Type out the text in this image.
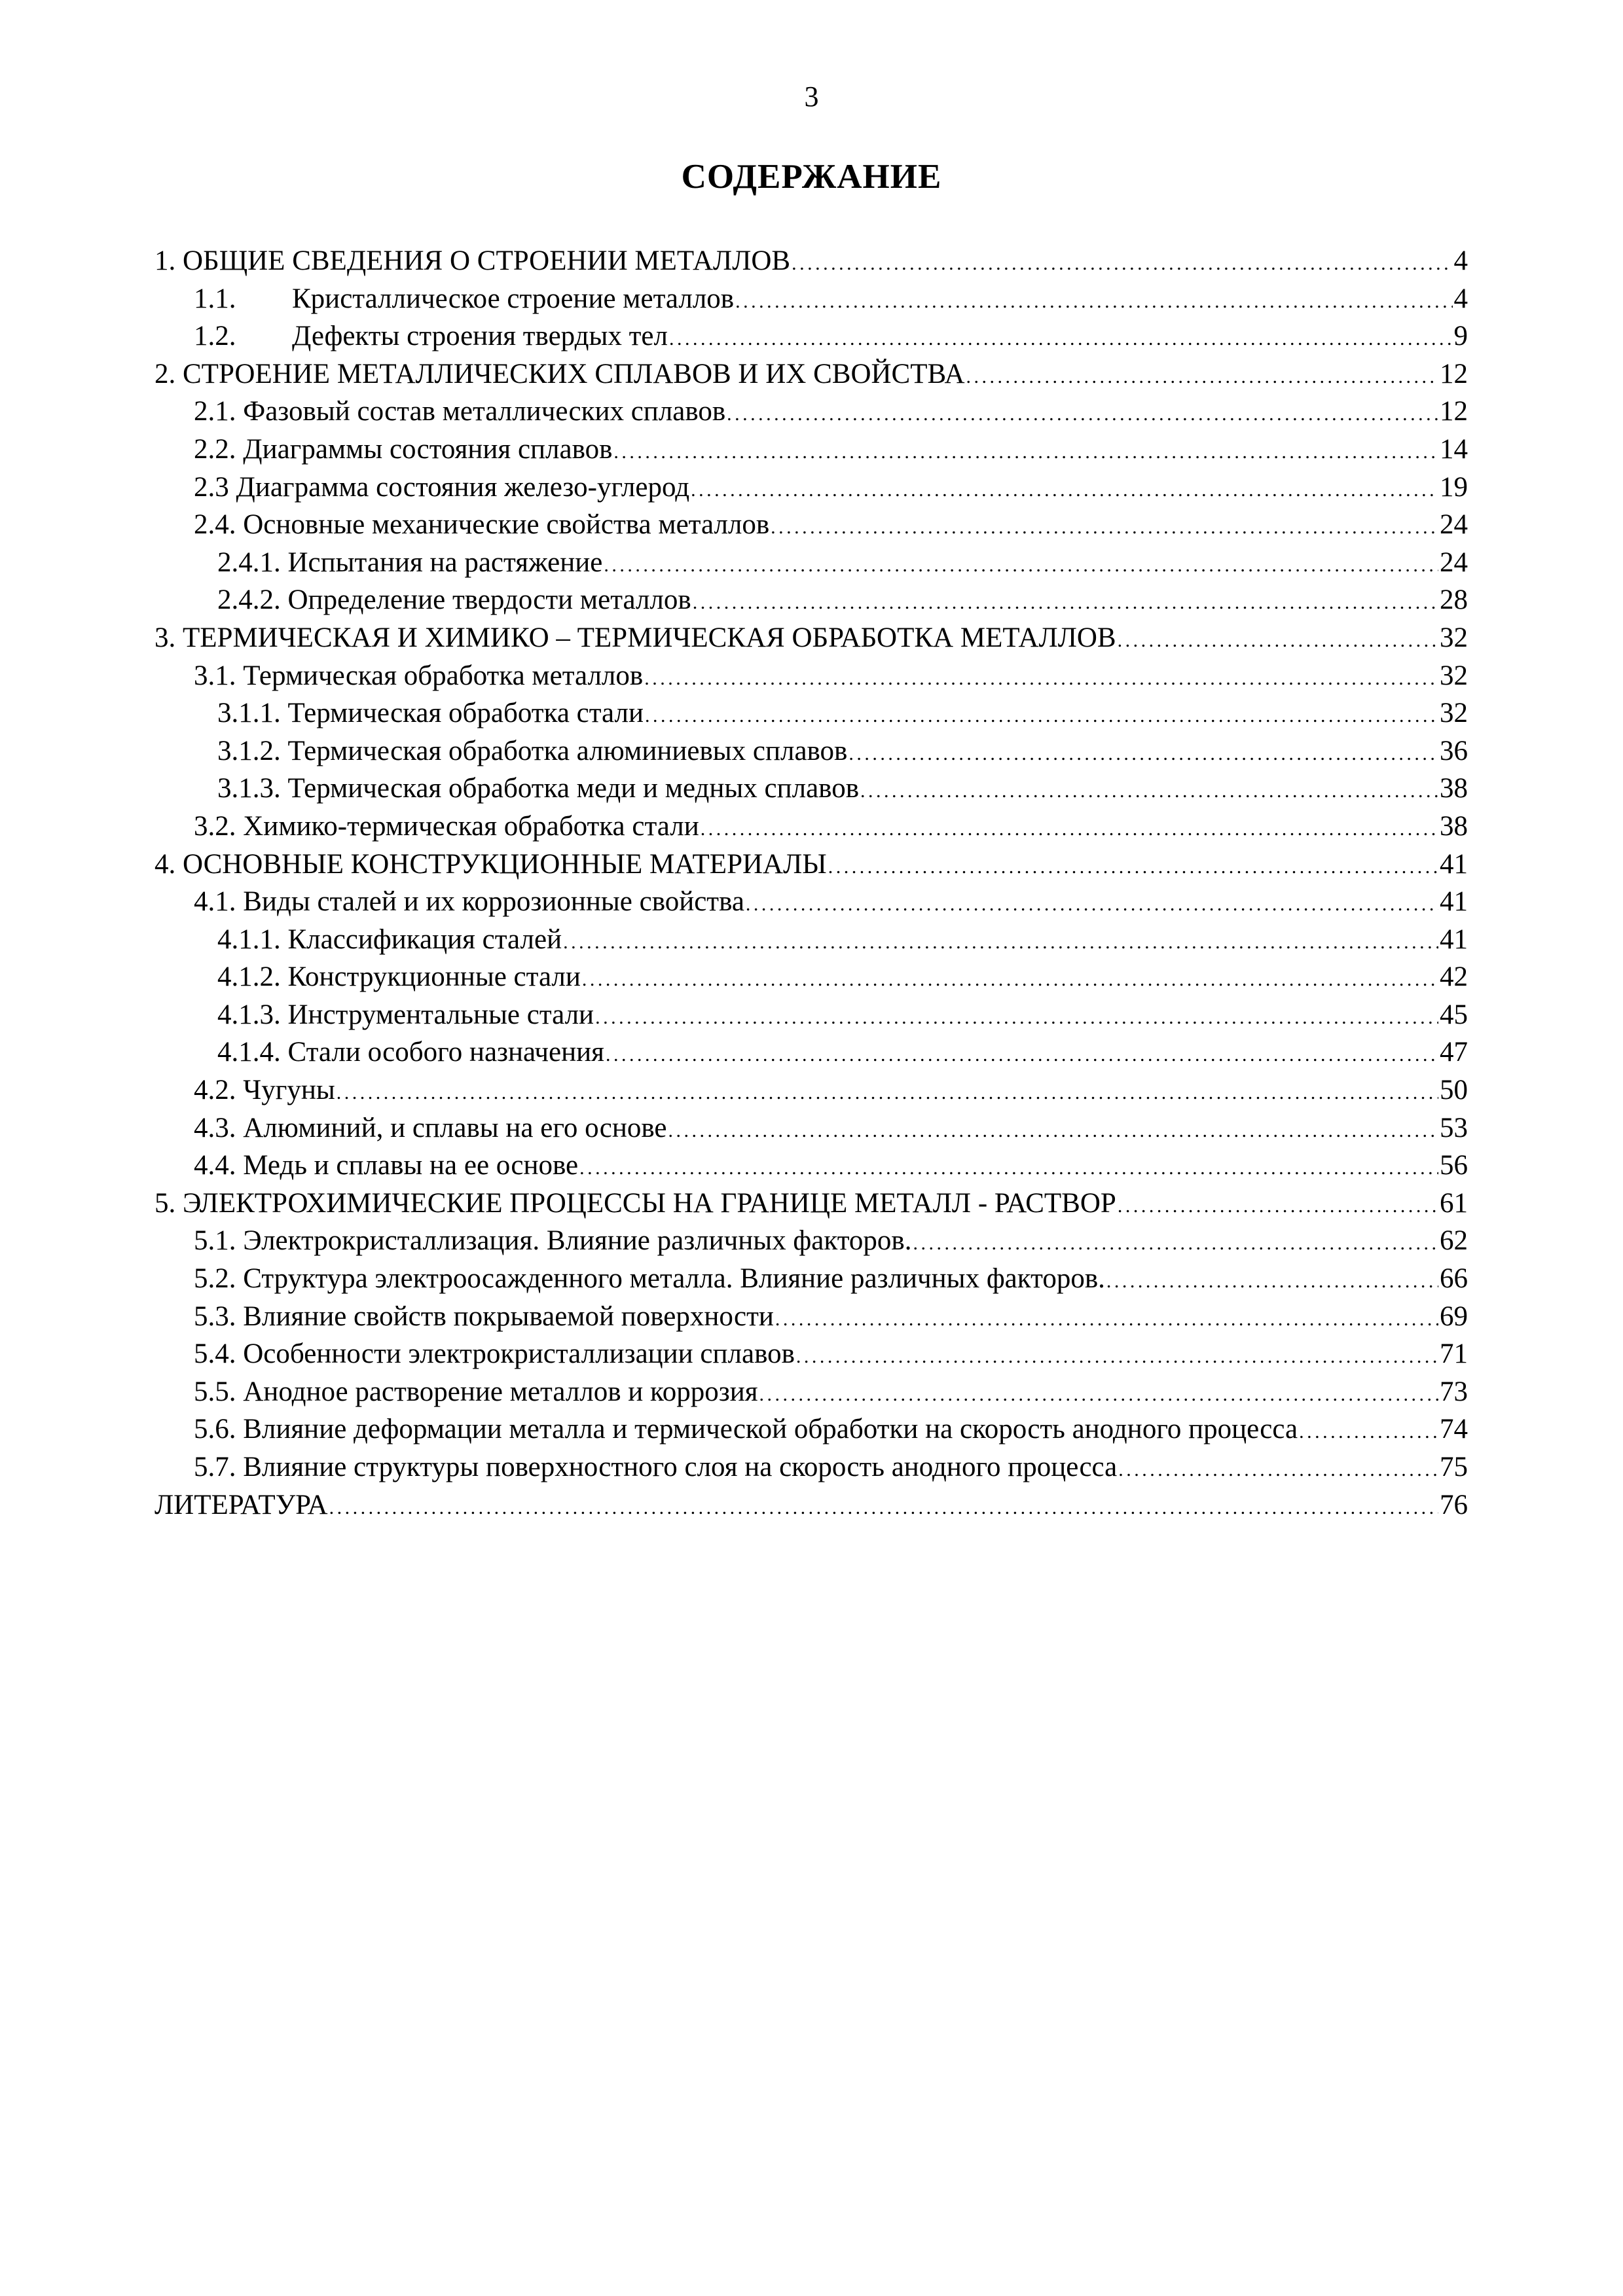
3
СОДЕРЖАНИЕ
1. ОБЩИЕ СВЕДЕНИЯ О СТРОЕНИИ МЕТАЛЛОВ . . .	4
1.1. Кристаллическое строение металлов . . .	4
1.2. Дефекты строения твердых тел . . .	9
2. СТРОЕНИЕ МЕТАЛЛИЧЕСКИХ СПЛАВОВ И ИХ СВОЙСТВА . . .	12
2.1. Фазовый состав металлических сплавов . . .	12
2.2. Диаграммы состояния сплавов . . .	14
2.3 Диаграмма состояния железо-углерод . . .	19
2.4. Основные механические свойства металлов . . .	24
2.4.1. Испытания на растяжение . . .	24
2.4.2. Определение твердости металлов . . .	28
3. ТЕРМИЧЕСКАЯ И ХИМИКО – ТЕРМИЧЕСКАЯ ОБРАБОТКА МЕТАЛЛОВ . . .	32
3.1. Термическая обработка металлов . . .	32
3.1.1. Термическая обработка стали . . .	32
3.1.2. Термическая обработка алюминиевых сплавов . . .	36
3.1.3. Термическая обработка меди и медных сплавов . . .	38
3.2. Химико-термическая обработка стали . . .	38
4. ОСНОВНЫЕ КОНСТРУКЦИОННЫЕ МАТЕРИАЛЫ . . .	41
4.1. Виды сталей и их коррозионные свойства . . .	41
4.1.1. Классификация сталей . . .	41
4.1.2. Конструкционные стали . . .	42
4.1.3. Инструментальные стали . . .	45
4.1.4. Стали особого назначения . . .	47
4.2. Чугуны . . .	50
4.3. Алюминий, и сплавы на его основе . . .	53
4.4. Медь и сплавы на ее основе . . .	56
5. ЭЛЕКТРОХИМИЧЕСКИЕ ПРОЦЕССЫ НА ГРАНИЦЕ МЕТАЛЛ - РАСТВОР . . .	61
5.1. Электрокристаллизация. Влияние различных факторов. . . .	62
5.2. Структура электроосажденного металла. Влияние различных факторов. . . .	66
5.3. Влияние свойств покрываемой поверхности . . .	69
5.4. Особенности электрокристаллизации сплавов . . .	71
5.5. Анодное растворение металлов и коррозия . . .	73
5.6. Влияние деформации металла и термической обработки на скорость анодного процесса . . .	74
5.7. Влияние структуры поверхностного слоя на скорость анодного процесса . . .	75
ЛИТЕРАТУРА . . .	76
